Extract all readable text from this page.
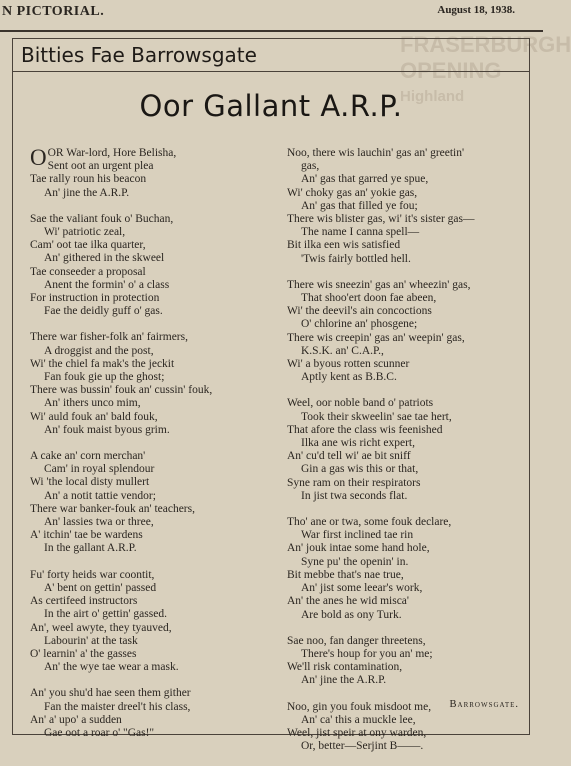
N PICTORIAL.	August 18, 1938.
FRASERBURGH
OPENING
Highland
Bitties Fae Barrowsgate
Oor Gallant A.R.P.
O OR War-lord, Hore Belisha,
Sent oot an urgent plea
Tae rally roun his beacon
An' jine the A.R.P.
Sae the valiant fouk o' Buchan,
Wi' patriotic zeal,
Cam' oot tae ilka quarter,
An' githered in the skweel
Tae conseeder a proposal
Anent the formin' o' a class
For instruction in protection
Fae the deidly guff o' gas.
There war fisher-folk an' fairmers,
A droggist and the post,
Wi' the chiel fa mak's the jeckit
Fan fouk gie up the ghost;
There was bussin' fouk an' cussin' fouk,
An' ithers unco mim,
Wi' auld fouk an' bald fouk,
An' fouk maist byous grim.
A cake an' corn merchan'
Cam' in royal splendour
Wi 'the local disty mullert
An' a notit tattie vendor;
There war banker-fouk an' teachers,
An' lassies twa or three,
A' itchin' tae be wardens
In the gallant A.R.P.
Fu' forty heids war coontit,
A' bent on gettin' passed
As certifeed instructors
In the airt o' gettin' gassed.
An', weel awyte, they tyauved,
Labourin' at the task
O' learnin' a' the gasses
An' the wye tae wear a mask.
An' you shu'd hae seen them gither
Fan the maister dreel't his class,
An' a' upo' a sudden
Gae oot a roar o' "Gas!"
Noo, there wis lauchin' gas an' greetin'
gas,
An' gas that garred ye spue,
Wi' choky gas an' yokie gas,
An' gas that filled ye fou;
There wis blister gas, wi' it's sister gas—
The name I canna spell—
Bit ilka een wis satisfied
'Twis fairly bottled hell.
There wis sneezin' gas an' wheezin' gas,
That shoo'ert doon fae abeen,
Wi' the deevil's ain concoctions
O' chlorine an' phosgene;
There wis creepin' gas an' weepin' gas,
K.S.K. an' C.A.P.,
Wi' a byous rotten scunner
Aptly kent as B.B.C.
Weel, oor noble band o' patriots
Took their skweelin' sae tae hert,
That afore the class wis feenished
Ilka ane wis richt expert,
An' cu'd tell wi' ae bit sniff
Gin a gas wis this or that,
Syne ram on their respirators
In jist twa seconds flat.
Tho' ane or twa, some fouk declare,
War first inclined tae rin
An' jouk intae some hand hole,
Syne pu' the openin' in.
Bit mebbe that's nae true,
An' jist some leear's work,
An' the anes he wid misca'
Are bold as ony Turk.
Sae noo, fan danger threetens,
There's houp for you an' me;
We'll risk contamination,
An' jine the A.R.P.
Noo, gin you fouk misdoot me,
An' ca' this a muckle lee,
Weel, jist speir at ony warden,
Or, better—Serjint B——.
Barrowsgate.
